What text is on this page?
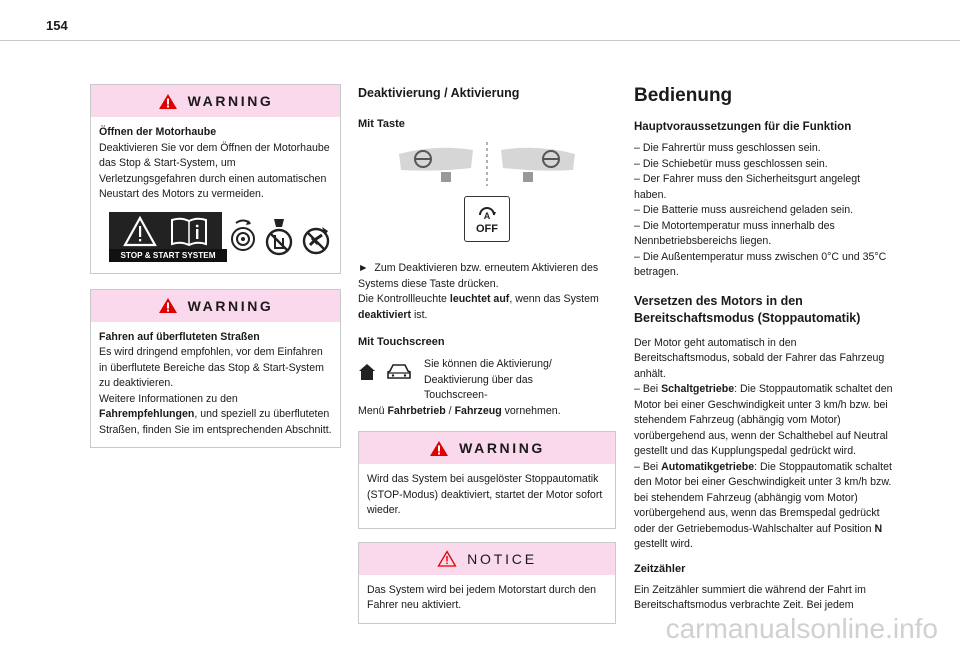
154
WARNING

Öffnen der Motorhaube

Deaktivieren Sie vor dem Öffnen der Motorhaube das Stop & Start-System, um Verletzungsgefahren durch einen automatischen Neustart des Motors zu vermeiden.

STOP & START SYSTEM
WARNING

Fahren auf überfluteten Straßen

Es wird dringend empfohlen, vor dem Einfahren in überflutete Bereiche das Stop & Start-System zu deaktivieren.

Weitere Informationen zu den Fahrempfehlungen, und speziell zu überfluteten Straßen, finden Sie im entsprechenden Abschnitt.

Deaktivierung / Aktivierung
Mit Taste
A
OFF

► Zum Deaktivieren bzw. erneutem Aktivieren des Systems diese Taste drücken.

Die Kontrollleuchte leuchtet auf, wenn das System deaktiviert ist.

Mit Touchscreen

Sie können die Aktivierung/ Deaktivierung über das Touchscreen-

Menü Fahrbetrieb / Fahrzeug vornehmen.

WARNING

Wird das System bei ausgelöster Stoppautomatik (STOP-Modus) deaktiviert, startet der Motor sofort wieder.

NOTICE

Das System wird bei jedem Motorstart durch den Fahrer neu aktiviert.

Bedienung
Hauptvoraussetzungen für die Funktion

– Die Fahrertür muss geschlossen sein.

– Die Schiebetür muss geschlossen sein.

– Der Fahrer muss den Sicherheitsgurt angelegt haben.

– Die Batterie muss ausreichend geladen sein.

– Die Motortemperatur muss innerhalb des Nennbetriebsbereichs liegen.

– Die Außentemperatur muss zwischen 0°C und 35°C betragen.

Versetzen des Motors in den Bereitschaftsmodus (Stoppautomatik)

Der Motor geht automatisch in den Bereitschaftsmodus, sobald der Fahrer das Fahrzeug anhält.

– Bei Schaltgetriebe: Die Stoppautomatik schaltet den Motor bei einer Geschwindigkeit unter 3 km/h bzw. bei stehendem Fahrzeug (abhängig vom Motor) vorübergehend aus, wenn der Schalthebel auf Neutral gestellt und das Kupplungspedal gedrückt wird.

– Bei Automatikgetriebe: Die Stoppautomatik schaltet den Motor bei einer Geschwindigkeit unter 3 km/h bzw. bei stehendem Fahrzeug (abhängig vom Motor) vorübergehend aus, wenn das Bremspedal gedrückt oder der Getriebemodus-Wahlschalter auf Position N gestellt wird.

Zeitzähler

Ein Zeitzähler summiert die während der Fahrt im Bereitschaftsmodus verbrachte Zeit. Bei jedem

carmanualsonline.info
